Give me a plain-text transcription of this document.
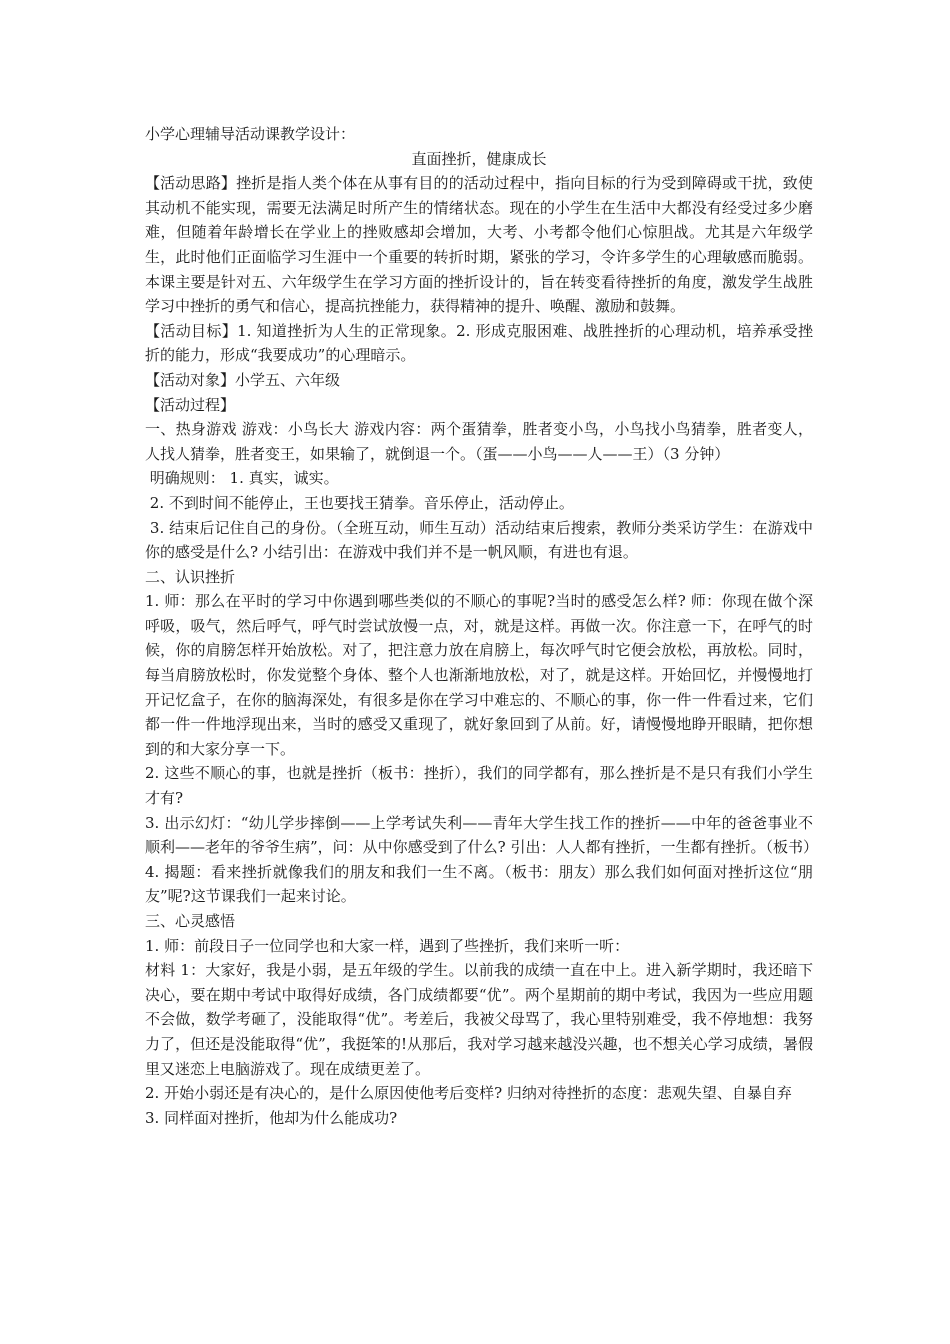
小学心理辅导活动课教学设计：

直面挫折，健康成长

【活动思路】挫折是指人类个体在从事有目的的活动过程中，指向目标的行为受到障碍或干扰，致使其动机不能实现，需要无法满足时所产生的情绪状态。现在的小学生在生活中大都没有经受过多少磨难，但随着年龄增长在学业上的挫败感却会增加，大考、小考都令他们心惊胆战。尤其是六年级学生，此时他们正面临学习生涯中一个重要的转折时期，紧张的学习，令许多学生的心理敏感而脆弱。本课主要是针对五、六年级学生在学习方面的挫折设计的，旨在转变看待挫折的角度，激发学生战胜学习中挫折的勇气和信心，提高抗挫能力，获得精神的提升、唤醒、激励和鼓舞。

【活动目标】1. 知道挫折为人生的正常现象。2. 形成克服困难、战胜挫折的心理动机，培养承受挫折的能力，形成“我要成功”的心理暗示。

【活动对象】小学五、六年级

【活动过程】

一、热身游戏 游戏：小鸟长大 游戏内容：两个蛋猜拳，胜者变小鸟，小鸟找小鸟猜拳，胜者变人，人找人猜拳，胜者变王，如果输了，就倒退一个。（蛋——小鸟——人——王）（3 分钟）

明确规则： 1. 真实，诚实。

2. 不到时间不能停止，王也要找王猜拳。音乐停止，活动停止。

3. 结束后记住自己的身份。（全班互动，师生互动）活动结束后搜索，教师分类采访学生：在游戏中你的感受是什么? 小结引出：在游戏中我们并不是一帆风顺，有进也有退。

二、认识挫折

1. 师：那么在平时的学习中你遇到哪些类似的不顺心的事呢?当时的感受怎么样? 师：你现在做个深呼吸，吸气，然后呼气，呼气时尝试放慢一点，对，就是这样。再做一次。你注意一下，在呼气的时候，你的肩膀怎样开始放松。对了，把注意力放在肩膀上，每次呼气时它便会放松，再放松。同时，每当肩膀放松时，你发觉整个身体、整个人也渐渐地放松，对了，就是这样。开始回忆，并慢慢地打开记忆盒子，在你的脑海深处，有很多是你在学习中难忘的、不顺心的事，你一件一件看过来，它们都一件一件地浮现出来，当时的感受又重现了，就好象回到了从前。好，请慢慢地睁开眼睛，把你想到的和大家分享一下。

2. 这些不顺心的事，也就是挫折（板书：挫折），我们的同学都有，那么挫折是不是只有我们小学生才有?

3. 出示幻灯：“幼儿学步摔倒——上学考试失利——青年大学生找工作的挫折——中年的爸爸事业不顺利——老年的爷爷生病”，问：从中你感受到了什么? 引出：人人都有挫折，一生都有挫折。（板书）

4. 揭题：看来挫折就像我们的朋友和我们一生不离。（板书：朋友）那么我们如何面对挫折这位“朋友”呢?这节课我们一起来讨论。

三、心灵感悟

1. 师：前段日子一位同学也和大家一样，遇到了些挫折，我们来听一听：

材料 1：大家好，我是小弱，是五年级的学生。以前我的成绩一直在中上。进入新学期时，我还暗下决心，要在期中考试中取得好成绩，各门成绩都要“优”。两个星期前的期中考试，我因为一些应用题不会做，数学考砸了，没能取得“优”。考差后，我被父母骂了，我心里特别难受，我不停地想：我努力了，但还是没能取得“优”，我挺笨的!从那后，我对学习越来越没兴趣，也不想关心学习成绩，暑假里又迷恋上电脑游戏了。现在成绩更差了。

2. 开始小弱还是有决心的，是什么原因使他考后变样? 归纳对待挫折的态度：悲观失望、自暴自弃

3. 同样面对挫折，他却为什么能成功?
